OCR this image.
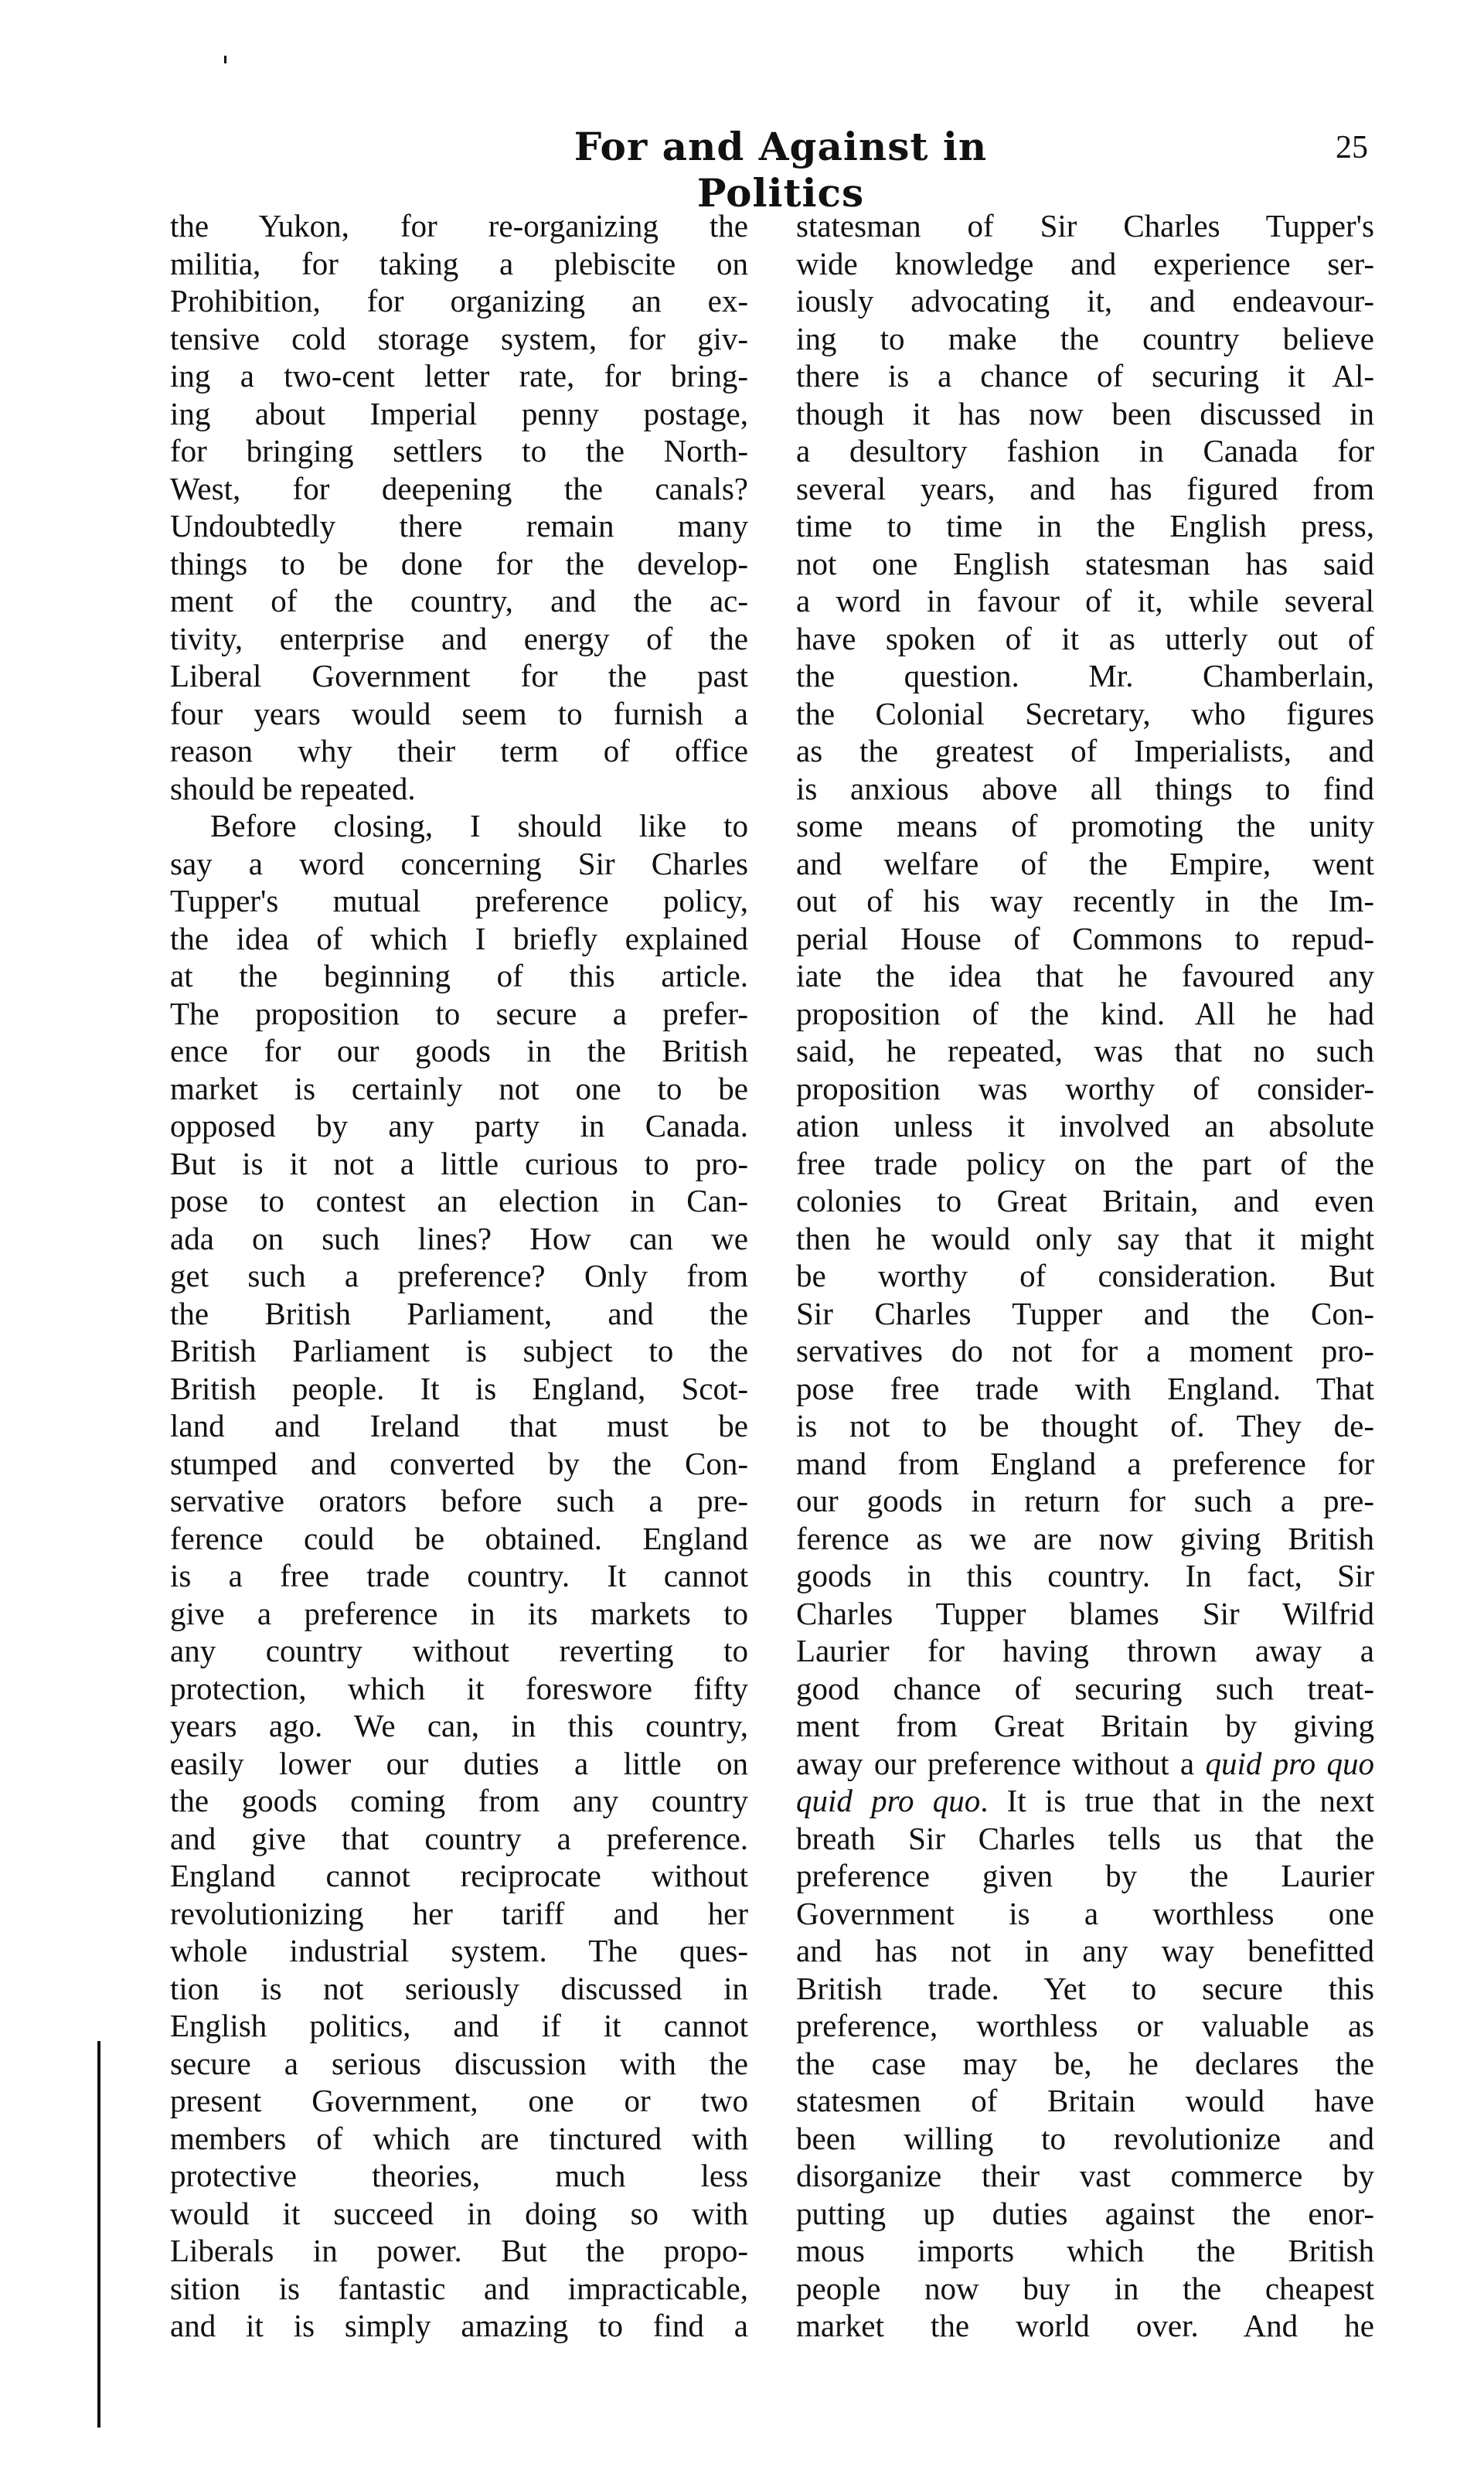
For and Against in Politics
25
the Yukon, for re-organizing the
militia, for taking a plebiscite on
Prohibition, for organizing an ex-
tensive cold storage system, for giv-
ing a two-cent letter rate, for bring-
ing about Imperial penny postage,
for bringing settlers to the North-
West, for deepening the canals?
Undoubtedly there remain many
things to be done for the develop-
ment of the country, and the ac-
tivity, enterprise and energy of the
Liberal Government for the past
four years would seem to furnish a
reason why their term of office
should be repeated.
Before closing, I should like to
say a word concerning Sir Charles
Tupper's mutual preference policy,
the idea of which I briefly explained
at the beginning of this article.
The proposition to secure a prefer-
ence for our goods in the British
market is certainly not one to be
opposed by any party in Canada.
But is it not a little curious to pro-
pose to contest an election in Can-
ada on such lines? How can we
get such a preference? Only from
the British Parliament, and the
British Parliament is subject to the
British people. It is England, Scot-
land and Ireland that must be
stumped and converted by the Con-
servative orators before such a pre-
ference could be obtained. England
is a free trade country. It cannot
give a preference in its markets to
any country without reverting to
protection, which it foreswore fifty
years ago. We can, in this country,
easily lower our duties a little on
the goods coming from any country
and give that country a preference.
England cannot reciprocate without
revolutionizing her tariff and her
whole industrial system. The ques-
tion is not seriously discussed in
English politics, and if it cannot
secure a serious discussion with the
present Government, one or two
members of which are tinctured with
protective theories, much less
would it succeed in doing so with
Liberals in power. But the propo-
sition is fantastic and impracticable,
and it is simply amazing to find a
statesman of Sir Charles Tupper's
wide knowledge and experience ser-
iously advocating it, and endeavour-
ing to make the country believe
there is a chance of securing it Al-
though it has now been discussed in
a desultory fashion in Canada for
several years, and has figured from
time to time in the English press,
not one English statesman has said
a word in favour of it, while several
have spoken of it as utterly out of
the question. Mr. Chamberlain,
the Colonial Secretary, who figures
as the greatest of Imperialists, and
is anxious above all things to find
some means of promoting the unity
and welfare of the Empire, went
out of his way recently in the Im-
perial House of Commons to repud-
iate the idea that he favoured any
proposition of the kind. All he had
said, he repeated, was that no such
proposition was worthy of consider-
ation unless it involved an absolute
free trade policy on the part of the
colonies to Great Britain, and even
then he would only say that it might
be worthy of consideration. But
Sir Charles Tupper and the Con-
servatives do not for a moment pro-
pose free trade with England. That
is not to be thought of. They de-
mand from England a preference for
our goods in return for such a pre-
ference as we are now giving British
goods in this country. In fact, Sir
Charles Tupper blames Sir Wilfrid
Laurier for having thrown away a
good chance of securing such treat-
ment from Great Britain by giving
away our preference without a quid pro quo
quid pro quo. It is true that in the next
breath Sir Charles tells us that the
preference given by the Laurier
Government is a worthless one
and has not in any way benefitted
British trade. Yet to secure this
preference, worthless or valuable as
the case may be, he declares the
statesmen of Britain would have
been willing to revolutionize and
disorganize their vast commerce by
putting up duties against the enor-
mous imports which the British
people now buy in the cheapest
market the world over. And he
